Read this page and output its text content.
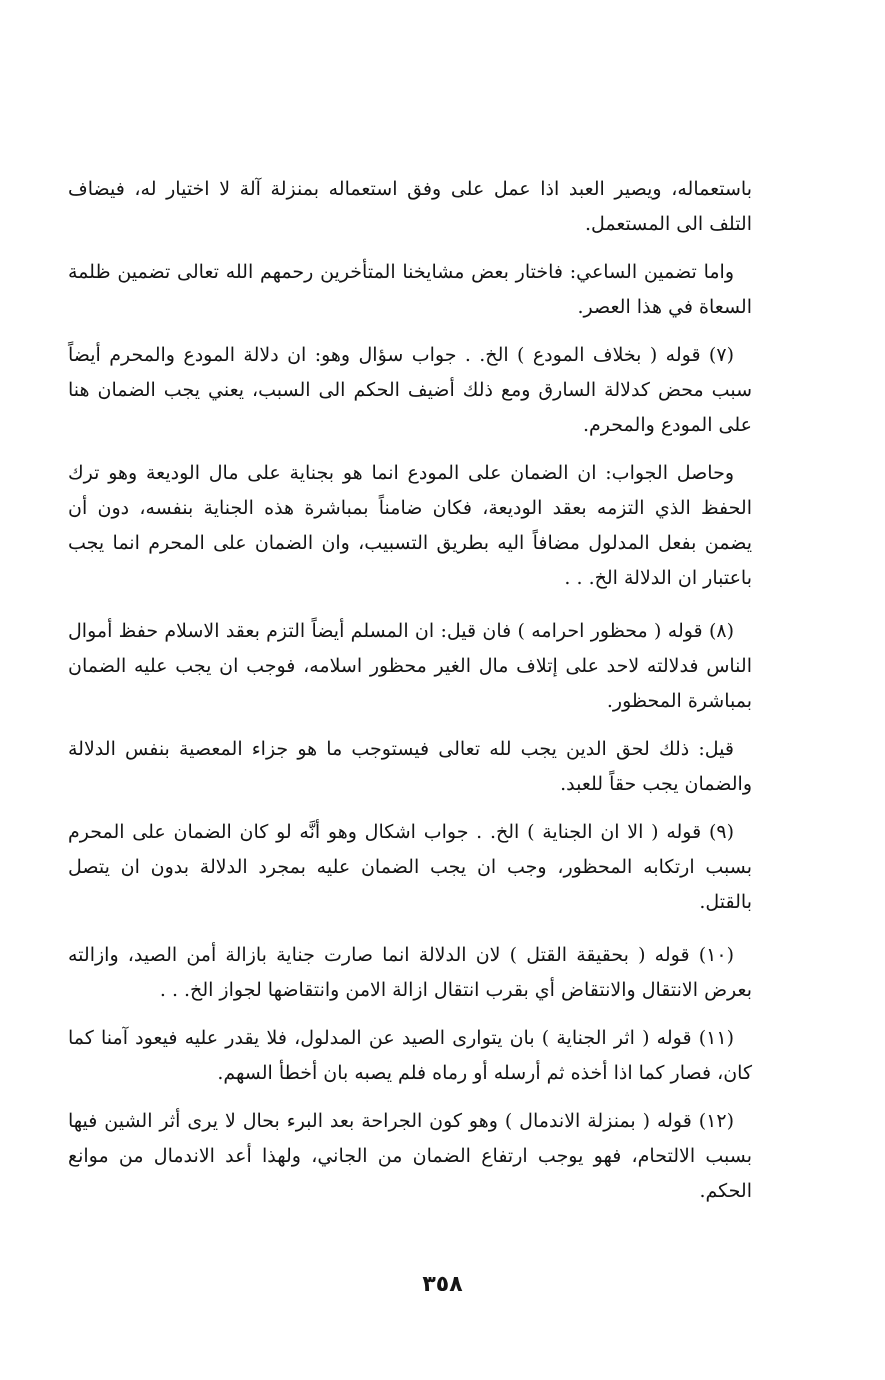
باستعماله، ويصير العبد اذا عمل على وفق استعماله بمنزلة آلة لا اختيار له، فيضاف التلف الى المستعمل.

واما تضمين الساعي: فاختار بعض مشايخنا المتأخرين رحمهم الله تعالى تضمين ظلمة السعاة في هذا العصر.

(٧) قوله ( بخلاف المودع ) الخ. . جواب سؤال وهو: ان دلالة المودع والمحرم أيضاً سبب محض كدلالة السارق ومع ذلك أضيف الحكم الى السبب، يعني يجب الضمان هنا على المودع والمحرم.

وحاصل الجواب: ان الضمان على المودع انما هو بجناية على مال الوديعة وهو ترك الحفظ الذي التزمه بعقد الوديعة، فكان ضامناً بمباشرة هذه الجناية بنفسه، دون أن يضمن بفعل المدلول مضافاً اليه بطريق التسبيب، وان الضمان على المحرم انما يجب باعتبار ان الدلالة الخ. . .

(٨) قوله ( محظور احرامه ) فان قيل: ان المسلم أيضاً التزم بعقد الاسلام حفظ أموال الناس فدلالته لاحد على إتلاف مال الغير محظور اسلامه، فوجب ان يجب عليه الضمان بمباشرة المحظور.

قيل: ذلك لحق الدين يجب لله تعالى فيستوجب ما هو جزاء المعصية بنفس الدلالة والضمان يجب حقاً للعبد.

(٩) قوله ( الا ان الجناية ) الخ. . جواب اشكال وهو أنَّه لو كان الضمان على المحرم بسبب ارتكابه المحظور، وجب ان يجب الضمان عليه بمجرد الدلالة بدون ان يتصل بالقتل.

(١٠) قوله ( بحقيقة القتل ) لان الدلالة انما صارت جناية بازالة أمن الصيد، وازالته بعرض الانتقال والانتقاض أي بقرب انتقال ازالة الامن وانتقاضها لجواز الخ. . .

(١١) قوله ( اثر الجناية ) بان يتوارى الصيد عن المدلول، فلا يقدر عليه فيعود آمنا كما كان، فصار كما اذا أخذه ثم أرسله أو رماه فلم يصبه بان أخطأ السهم.

(١٢) قوله ( بمنزلة الاندمال ) وهو كون الجراحة بعد البرء بحال لا يرى أثر الشين فيها بسبب الالتحام، فهو يوجب ارتفاع الضمان من الجاني، ولهذا أعد الاندمال من موانع الحكم.

٣٥٨
